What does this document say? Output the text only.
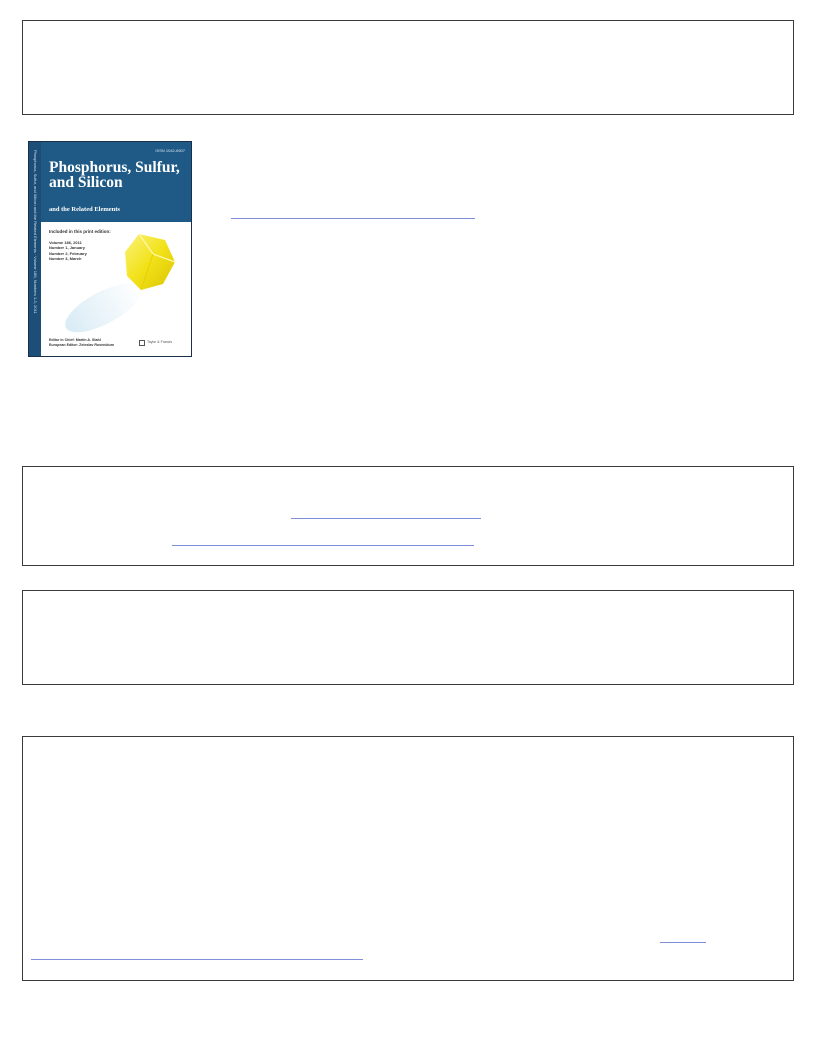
Phosphorus, Sulfur, and Silicon and the Related Elements · Volume 186, Numbers 1-3, 2011	ISSN 1042-6507
Phosphorus, Sulfur, and Silicon
and the Related Elements
Included in this print edition:
Volume 186, 2011
Number 1, January
Number 2, February
Number 3, March
Editor in Chief: Martin A. Stahl
European Editor: Zeleslav Rosenblum
Taylor & Francis
